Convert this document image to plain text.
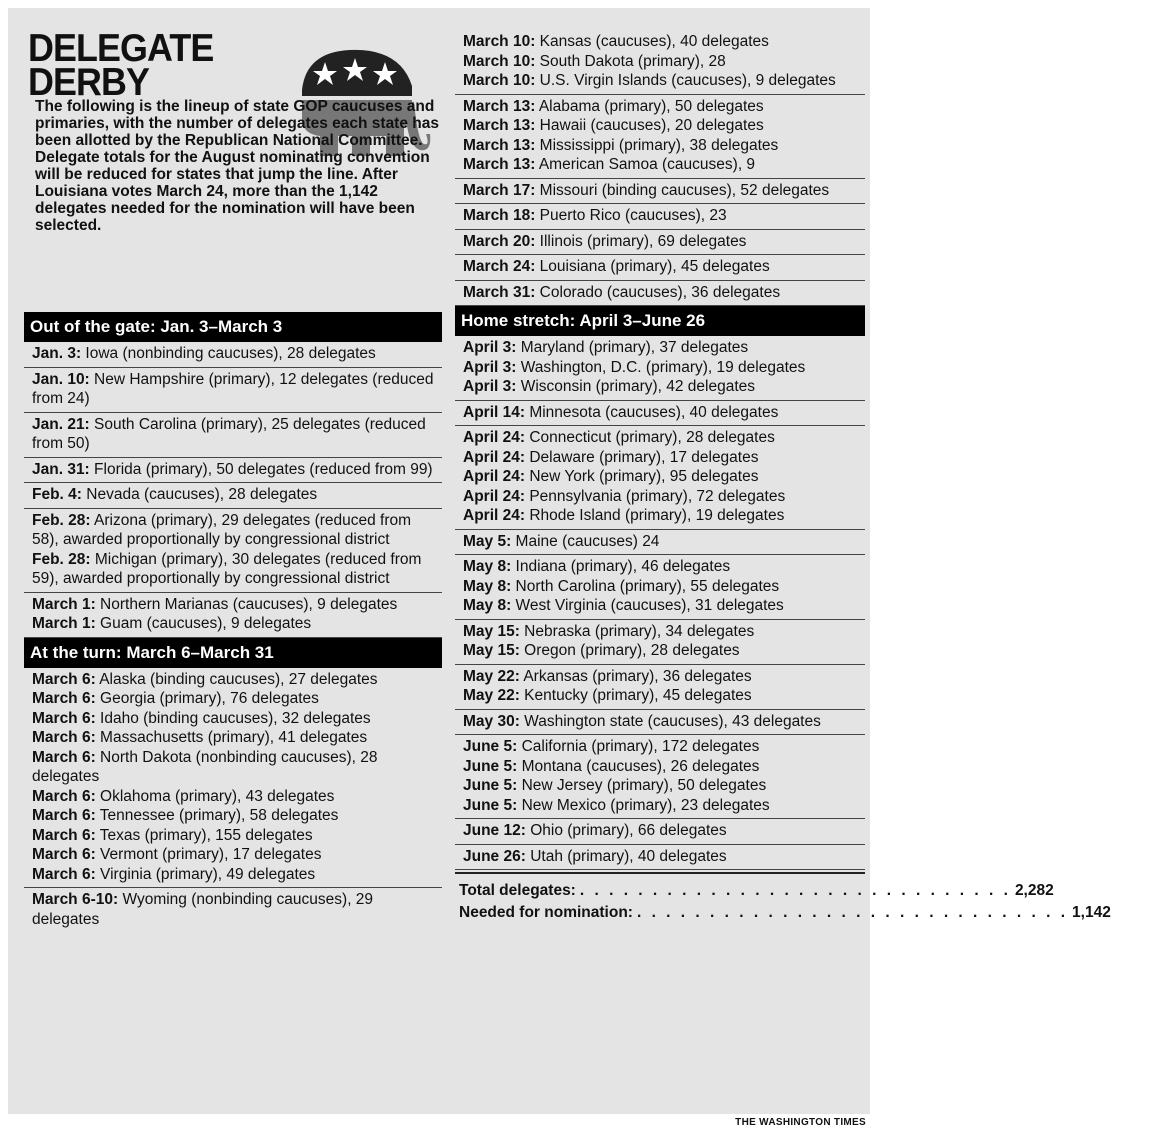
DELEGATE
DERBY
The following is the lineup of state GOP caucuses and primaries, with the number of delegates each state has been allotted by the Republican National Committee. Delegate totals for the August nominating convention will be reduced for states that jump the line. After Louisiana votes March 24, more than the 1,142 delegates needed for the nomination will have been selected.
Out of the gate: Jan. 3–March 3
Jan. 3: Iowa (nonbinding caucuses), 28 delegates
Jan. 10: New Hampshire (primary), 12 delegates (reduced from 24)
Jan. 21: South Carolina (primary), 25 delegates (reduced from 50)
Jan. 31: Florida (primary), 50 delegates (reduced from 99)
Feb. 4: Nevada (caucuses), 28 delegates
Feb. 28: Arizona (primary), 29 delegates (reduced from 58), awarded proportionally by congressional district
Feb. 28: Michigan (primary), 30 delegates (reduced from 59), awarded proportionally by congressional district
March 1: Northern Marianas (caucuses), 9 delegates
March 1: Guam (caucuses), 9 delegates
At the turn: March 6–March 31
March 6: Alaska (binding caucuses), 27 delegates
March 6: Georgia (primary), 76 delegates
March 6: Idaho (binding caucuses), 32 delegates
March 6: Massachusetts (primary), 41 delegates
March 6: North Dakota (nonbinding caucuses), 28 delegates
March 6: Oklahoma (primary), 43 delegates
March 6: Tennessee (primary), 58 delegates
March 6: Texas (primary), 155 delegates
March 6: Vermont (primary), 17 delegates
March 6: Virginia (primary), 49 delegates
March 6-10: Wyoming (nonbinding caucuses), 29 delegates
March 10: Kansas (caucuses), 40 delegates
March 10: South Dakota (primary), 28
March 10: U.S. Virgin Islands (caucuses), 9 delegates
March 13: Alabama (primary), 50 delegates
March 13: Hawaii (caucuses), 20 delegates
March 13: Mississippi (primary), 38 delegates
March 13: American Samoa (caucuses), 9
March 17: Missouri (binding caucuses), 52 delegates
March 18: Puerto Rico (caucuses), 23
March 20: Illinois (primary), 69 delegates
March 24: Louisiana (primary), 45 delegates
March 31: Colorado (caucuses), 36 delegates
Home stretch: April 3–June 26
April 3: Maryland (primary), 37 delegates
April 3: Washington, D.C. (primary), 19 delegates
April 3: Wisconsin (primary), 42 delegates
April 14: Minnesota (caucuses), 40 delegates
April 24: Connecticut (primary), 28 delegates
April 24: Delaware (primary), 17 delegates
April 24: New York (primary), 95 delegates
April 24: Pennsylvania (primary), 72 delegates
April 24: Rhode Island (primary), 19 delegates
May 5: Maine (caucuses) 24
May 8: Indiana (primary), 46 delegates
May 8: North Carolina (primary), 55 delegates
May 8: West Virginia (caucuses), 31 delegates
May 15: Nebraska (primary), 34 delegates
May 15: Oregon (primary), 28 delegates
May 22: Arkansas (primary), 36 delegates
May 22: Kentucky (primary), 45 delegates
May 30: Washington state (caucuses), 43 delegates
June 5: California (primary), 172 delegates
June 5: Montana (caucuses), 26 delegates
June 5: New Jersey (primary), 50 delegates
June 5: New Mexico (primary), 23 delegates
June 12: Ohio (primary), 66 delegates
June 26: Utah (primary), 40 delegates
Total delegates: . . . . . . . . . . . . . . . . . . . . . . . . . . . . . . 2,282
Needed for nomination: . . . . . . . . . . . . . . . . . . . . . . . . . . . . . . 1,142
THE WASHINGTON TIMES
